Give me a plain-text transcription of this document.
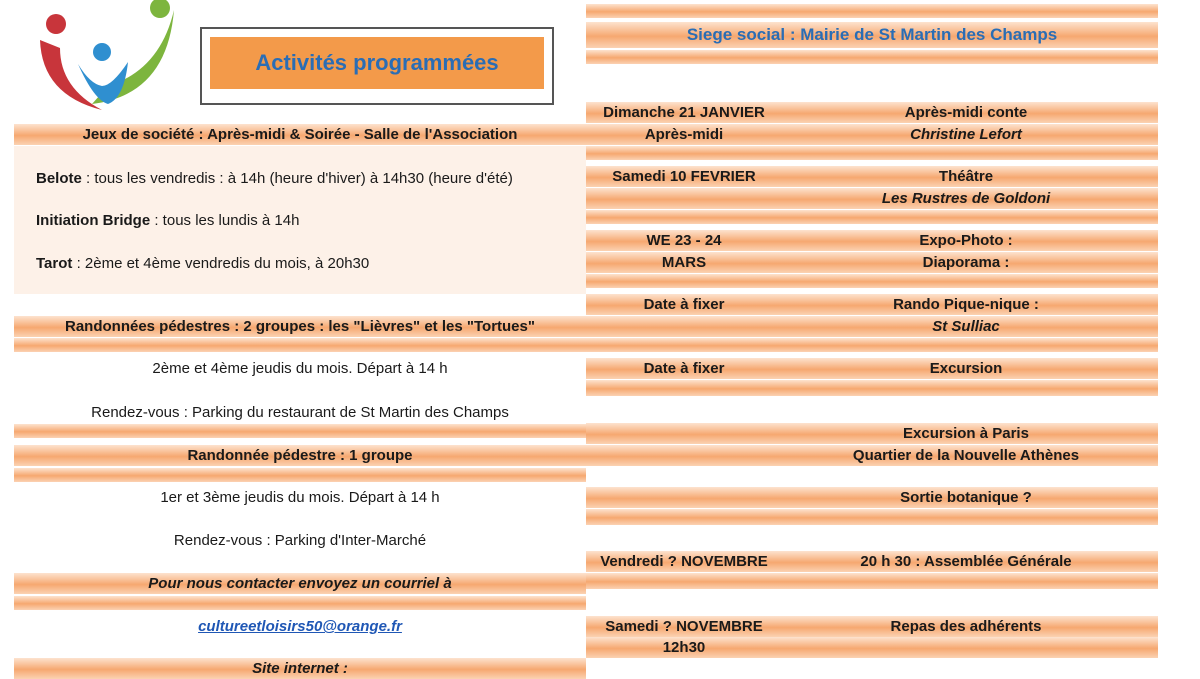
Activités programmées
Siege social : Mairie de St Martin des Champs
Jeux de société : Après-midi & Soirée - Salle de l'Association
Belote : tous les vendredis : à 14h (heure d'hiver) à 14h30 (heure d'été)
Initiation Bridge : tous les lundis à 14h
Tarot : 2ème et 4ème vendredis du mois, à 20h30
Randonnées pédestres : 2 groupes : les "Lièvres" et les "Tortues"
2ème et 4ème jeudis du mois. Départ à 14 h
Rendez-vous : Parking du restaurant de St Martin des Champs
Randonnée pédestre : 1 groupe
1er et 3ème jeudis du mois. Départ à 14 h
Rendez-vous : Parking d'Inter-Marché
Pour nous contacter envoyez un courriel à
cultureetloisirs50@orange.fr
Site internet :
Dimanche 21 JANVIER	Après-midi conte
Après-midi	Christine Lefort
Samedi 10 FEVRIER	Théâtre
Les Rustres de Goldoni
WE 23 - 24	Expo-Photo :
MARS	Diaporama :
Date à fixer	Rando Pique-nique :
St Sulliac
Date à fixer	Excursion
Excursion à Paris
Quartier de la Nouvelle Athènes
Sortie botanique ?
Vendredi ? NOVEMBRE	20 h 30 : Assemblée Générale
Samedi ? NOVEMBRE	Repas des adhérents
12h30
